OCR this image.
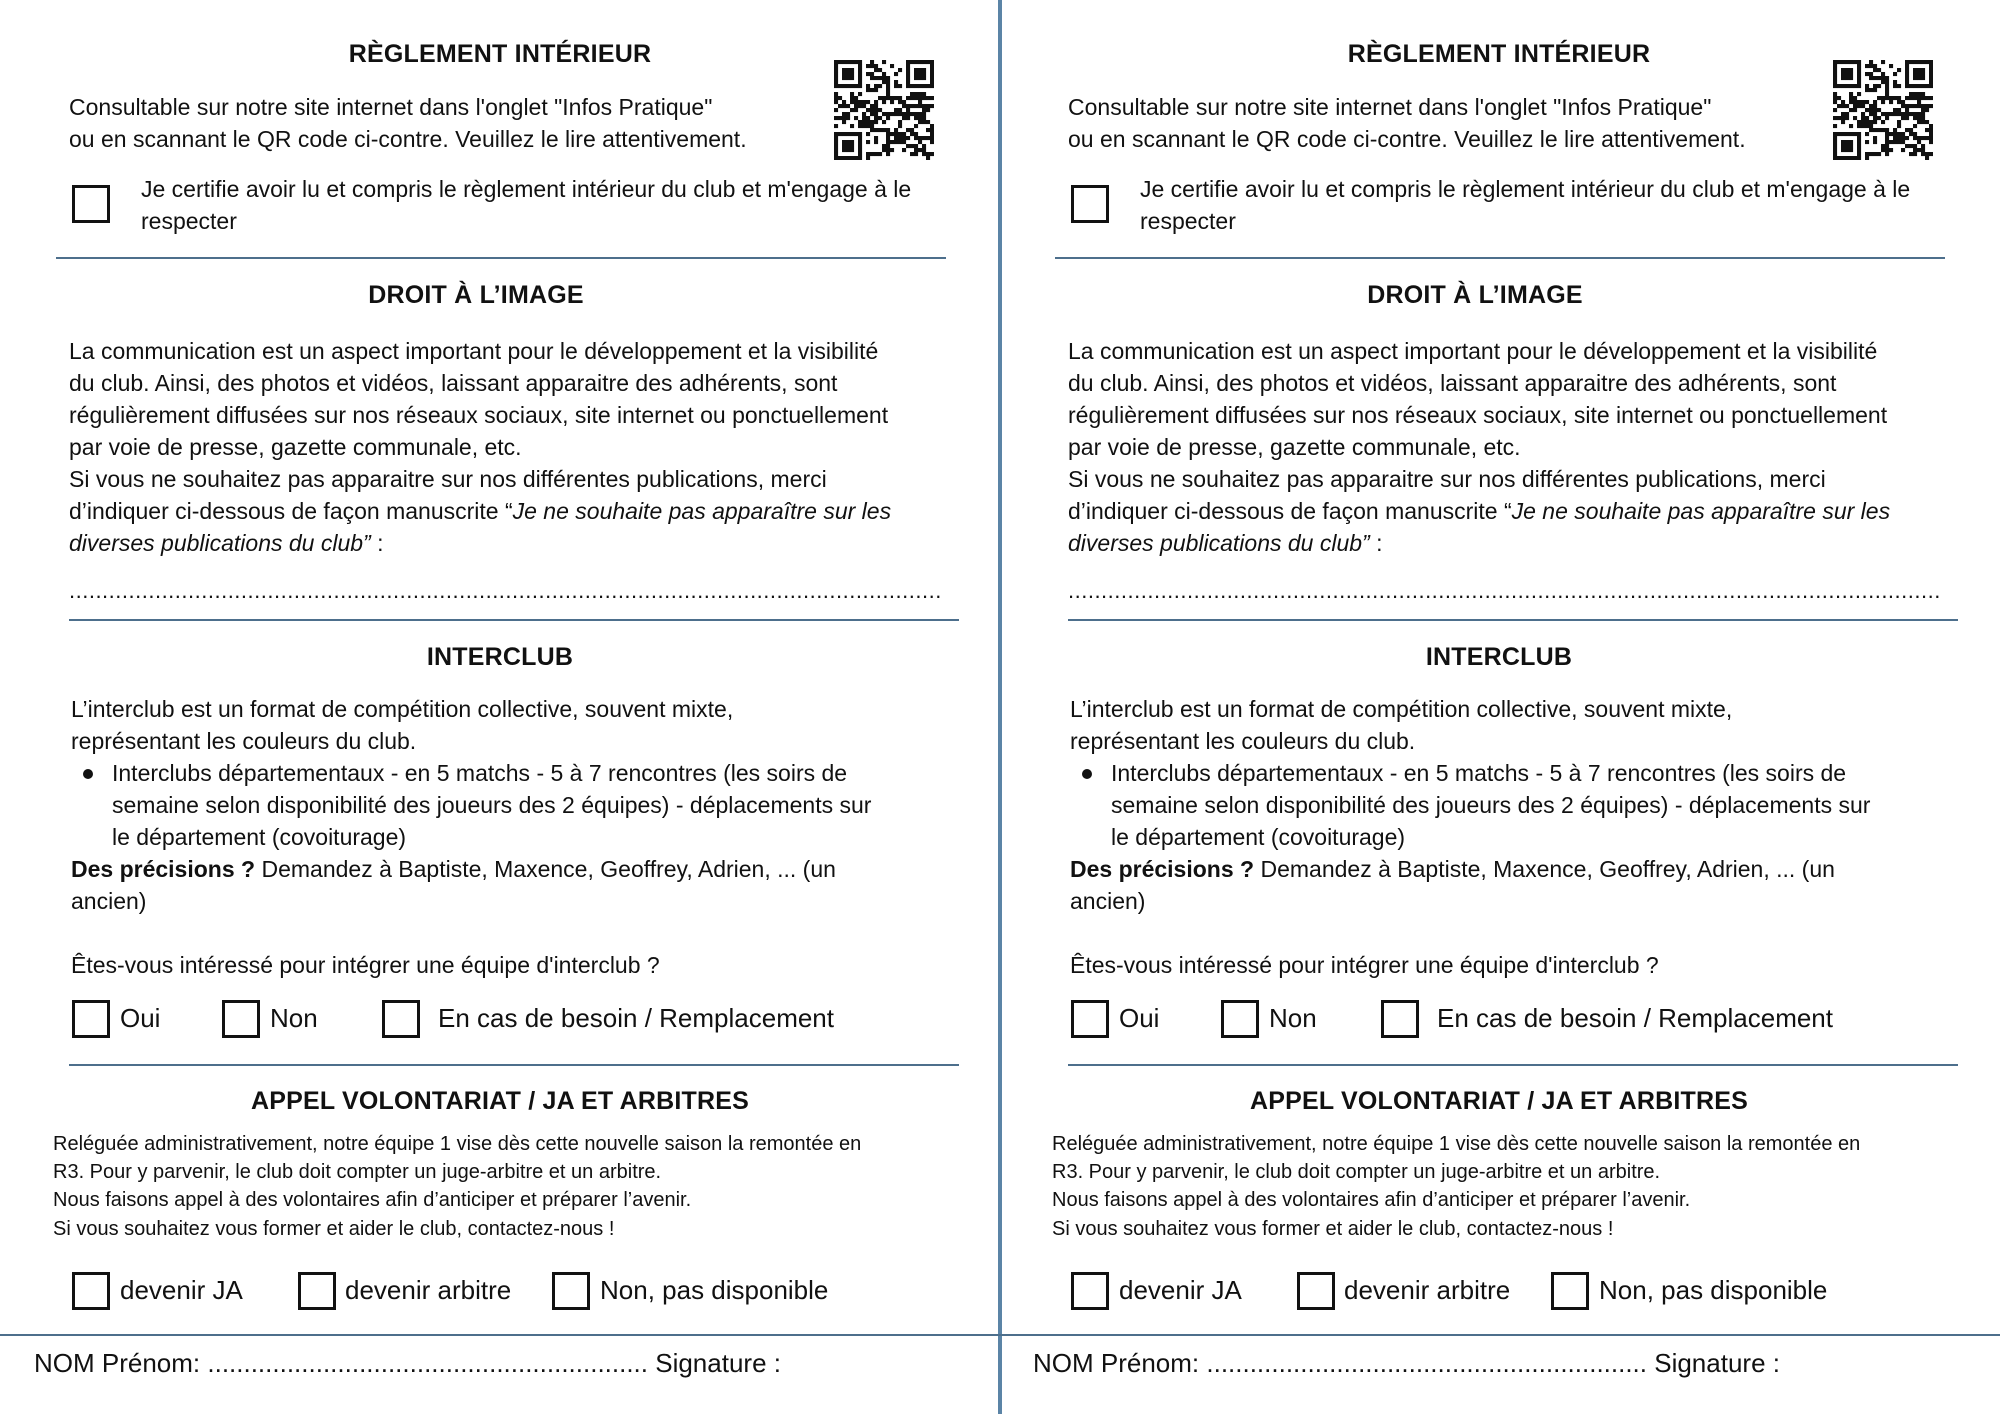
RÈGLEMENT INTÉRIEUR
Consultable sur notre site internet dans l'onglet "Infos Pratique"
ou en scannant le QR code ci-contre. Veuillez le lire attentivement.
Je certifie avoir lu et compris le règlement intérieur du club et m'engage à le
respecter
DROIT À L’IMAGE
La communication est un aspect important pour le développement et la visibilité
du club. Ainsi, des photos et vidéos, laissant apparaitre des adhérents, sont
régulièrement diffusées sur nos réseaux sociaux, site internet ou ponctuellement
par voie de presse, gazette communale, etc.
Si vous ne souhaitez pas apparaitre sur nos différentes publications, merci
d’indiquer ci-dessous de façon manuscrite “Je ne souhaite pas apparaître sur les
diverses publications du club” :
....................................................................................................................................
INTERCLUB
L’interclub est un format de compétition collective, souvent mixte,
représentant les couleurs du club.
Interclubs départementaux - en 5 matchs - 5 à 7 rencontres (les soirs de
semaine selon disponibilité des joueurs des 2 équipes) - déplacements sur
le département (covoiturage)
Des précisions ? Demandez à Baptiste, Maxence, Geoffrey, Adrien, ... (un
ancien)
Êtes-vous intéressé pour intégrer une équipe d'interclub ?
Oui	Non	En cas de besoin / Remplacement
APPEL VOLONTARIAT / JA ET ARBITRES
Reléguée administrativement, notre équipe 1 vise dès cette nouvelle saison la remontée en
R3. Pour y parvenir, le club doit compter un juge-arbitre et un arbitre.
Nous faisons appel à des volontaires afin d’anticiper et préparer l’avenir.
Si vous souhaitez vous former et aider le club, contactez-nous !
devenir JA	devenir arbitre	Non, pas disponible
NOM Prénom: ............................................................. Signature :
RÈGLEMENT INTÉRIEUR
Consultable sur notre site internet dans l'onglet "Infos Pratique"
ou en scannant le QR code ci-contre. Veuillez le lire attentivement.
Je certifie avoir lu et compris le règlement intérieur du club et m'engage à le
respecter
DROIT À L’IMAGE
La communication est un aspect important pour le développement et la visibilité
du club. Ainsi, des photos et vidéos, laissant apparaitre des adhérents, sont
régulièrement diffusées sur nos réseaux sociaux, site internet ou ponctuellement
par voie de presse, gazette communale, etc.
Si vous ne souhaitez pas apparaitre sur nos différentes publications, merci
d’indiquer ci-dessous de façon manuscrite “Je ne souhaite pas apparaître sur les
diverses publications du club” :
....................................................................................................................................
INTERCLUB
L’interclub est un format de compétition collective, souvent mixte,
représentant les couleurs du club.
Interclubs départementaux - en 5 matchs - 5 à 7 rencontres (les soirs de
semaine selon disponibilité des joueurs des 2 équipes) - déplacements sur
le département (covoiturage)
Des précisions ? Demandez à Baptiste, Maxence, Geoffrey, Adrien, ... (un
ancien)
Êtes-vous intéressé pour intégrer une équipe d'interclub ?
Oui	Non	En cas de besoin / Remplacement
APPEL VOLONTARIAT / JA ET ARBITRES
Reléguée administrativement, notre équipe 1 vise dès cette nouvelle saison la remontée en
R3. Pour y parvenir, le club doit compter un juge-arbitre et un arbitre.
Nous faisons appel à des volontaires afin d’anticiper et préparer l’avenir.
Si vous souhaitez vous former et aider le club, contactez-nous !
devenir JA	devenir arbitre	Non, pas disponible
NOM Prénom: ............................................................. Signature :
